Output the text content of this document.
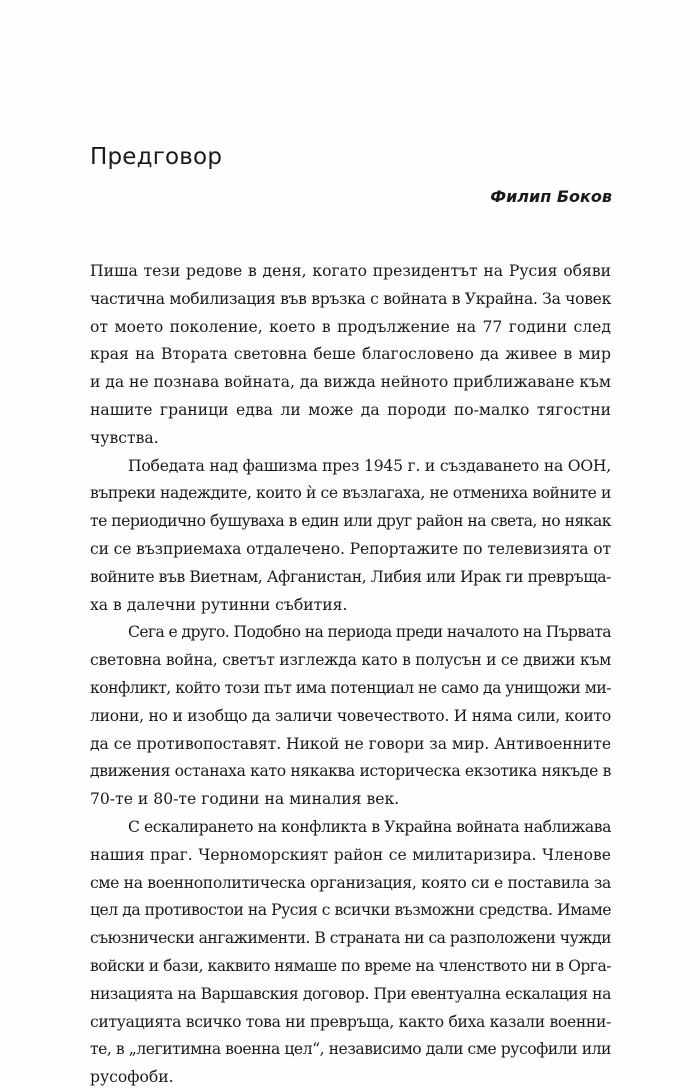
Предговор
Филип Боков

Пиша тези редове в деня, когато президентът на Русия обяви
частична мобилизация във връзка с войната в Украйна. За човек
от моето поколение, което в продължение на 77 години след
края на Втората световна беше благословено да живее в мир
и да не познава войната, да вижда нейното приближаване към
нашите граници едва ли може да породи по-малко тягостни
чувства.

Победата над фашизма през 1945 г. и създаването на ООН,
въпреки надеждите, които ѝ се възлагаха, не отмениха войните и
те периодично бушуваха в един или друг район на света, но някак
си се възприемаха отдалечено. Репортажите по телевизията от
войните във Виетнам, Афганистан, Либия или Ирак ги превръща-
ха в далечни рутинни събития.

Сега е друго. Подобно на периода преди началото на Първата
световна война, светът изглежда като в полусън и се движи към
конфликт, който този път има потенциал не само да унищожи ми-
лиони, но и изобщо да заличи човечеството. И няма сили, които
да се противопоставят. Никой не говори за мир. Антивоенните
движения останаха като някаква историческа екзотика някъде в
70-те и 80-те години на миналия век.

С ескалирането на конфликта в Украйна войната наближава
нашия праг. Черноморският район се милитаризира. Членове
сме на военнополитическа организация, която си е поставила за
цел да противостои на Русия с всички възможни средства. Имаме
съюзнически ангажименти. В страната ни са разположени чужди
войски и бази, каквито нямаше по време на членството ни в Орга-
низацията на Варшавския договор. При евентуална ескалация на
ситуацията всичко това ни превръща, както биха казали военни-
те, в „легитимна военна цел“, независимо дали сме русофили или
русофоби.
